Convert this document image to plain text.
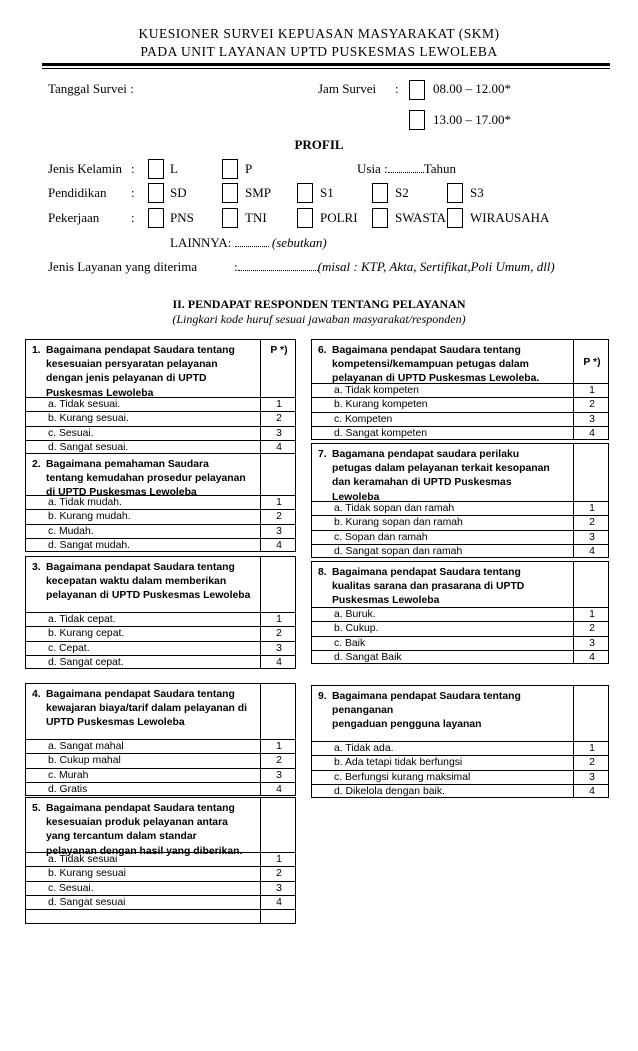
KUESIONER SURVEI KEPUASAN MASYARAKAT (SKM)
PADA UNIT LAYANAN UPTD PUSKESMAS LEWOLEBA
Tanggal Survei :	Jam Survei :	08.00 – 12.00*
13.00 – 17.00*
PROFIL
Jenis Kelamin :	L	P	Usia :	Tahun
Pendidikan :	SD	SMP	S1	S2	S3
Pekerjaan :	PNS	TNI	POLRI	SWASTA WIRAUSAHA
LAINNYA:	(sebutkan)
Jenis Layanan yang diterima	:	(misal : KTP, Akta, Sertifikat,Poli Umum, dll)
II. PENDAPAT RESPONDEN TENTANG PELAYANAN
(Lingkari kode huruf sesuai jawaban masyarakat/responden)
1. Bagaimana pendapat Saudara tentang
kesesuaian persyaratan pelayanan
dengan jenis pelayanan di UPTD
Puskesmas Lewoleba
P *)
a. Tidak sesuai.	1
b. Kurang sesuai.	2
c. Sesuai.	3
d. Sangat sesuai.	4
2. Bagaimana pemahaman Saudara
tentang kemudahan prosedur pelayanan
di UPTD Puskesmas Lewoleba
a. Tidak mudah.	1
b. Kurang mudah.	2
c. Mudah.	3
d. Sangat mudah.	4
3. Bagaimana pendapat Saudara tentang
kecepatan waktu dalam memberikan
pelayanan di UPTD Puskesmas Lewoleba
a. Tidak cepat.	1
b. Kurang cepat.	2
c. Cepat.	3
d. Sangat cepat.	4
4. Bagaimana pendapat Saudara tentang
kewajaran biaya/tarif dalam pelayanan di
UPTD Puskesmas Lewoleba
a. Sangat mahal	1
b. Cukup mahal	2
c. Murah	3
d. Gratis	4
5. Bagaimana pendapat Saudara tentang
kesesuaian produk pelayanan antara
yang tercantum dalam standar
pelayanan dengan hasil yang diberikan.
a. Tidak sesuai	1
b. Kurang sesuai	2
c. Sesuai.	3
d. Sangat sesuai	4
6. Bagaimana pendapat Saudara tentang
kompetensi/kemampuan petugas dalam
pelayanan di UPTD Puskesmas Lewoleba.
P *)
a. Tidak kompeten	1
b. Kurang kompeten	2
c. Kompeten	3
d. Sangat kompeten	4
7. Bagamana pendapat saudara perilaku
petugas dalam pelayanan terkait kesopanan
dan keramahan di UPTD Puskesmas
Lewoleba
a. Tidak sopan dan ramah	1
b. Kurang sopan dan ramah	2
c. Sopan dan ramah	3
d. Sangat sopan dan ramah	4
8. Bagaimana pendapat Saudara tentang
kualitas sarana dan prasarana di UPTD
Puskesmas Lewoleba
a. Buruk.	1
b. Cukup.	2
c. Baik	3
d. Sangat Baik	4
9. Bagaimana pendapat Saudara tentang
penanganan
pengaduan pengguna layanan
a. Tidak ada.	1
b. Ada tetapi tidak berfungsi	2
c. Berfungsi kurang maksimal	3
d. Dikelola dengan baik.	4
